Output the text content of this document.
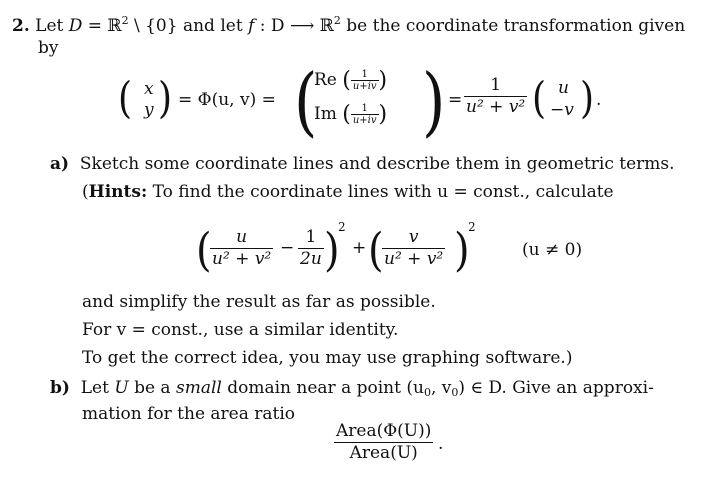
2. Let D = ℝ$^2$ \ {0} and let f : D ⟶ ℝ$^2$ be the coordinate transformation given
by
( x
y ) = Φ(u, v) = (
Re ( $\frac{1}{u+iv}$ )
Im ( $\frac{1}{u+iv}$ ) ) = $\frac{1}{\text{u² + v²}}$ ( u
−v ) .
a) Sketch some coordinate lines and describe them in geometric terms.
(Hints: To find the coordinate lines with u = const., calculate
(
$\frac{u}{\text{u² + v²}} - \frac{1}{2u}$ )
2
+ (
$\frac{v}{\text{u² + v²}}$ )
2
(u ≠ 0)
and simplify the result as far as possible.
For v = const., use a similar identity.
To get the correct idea, you may use graphing software.)
b) Let U be a small domain near a point ($u_0$, $v_0$) ∈ D. Give an approxi-
mation for the area ratio
Area(Φ(U))
Area(U)	.
